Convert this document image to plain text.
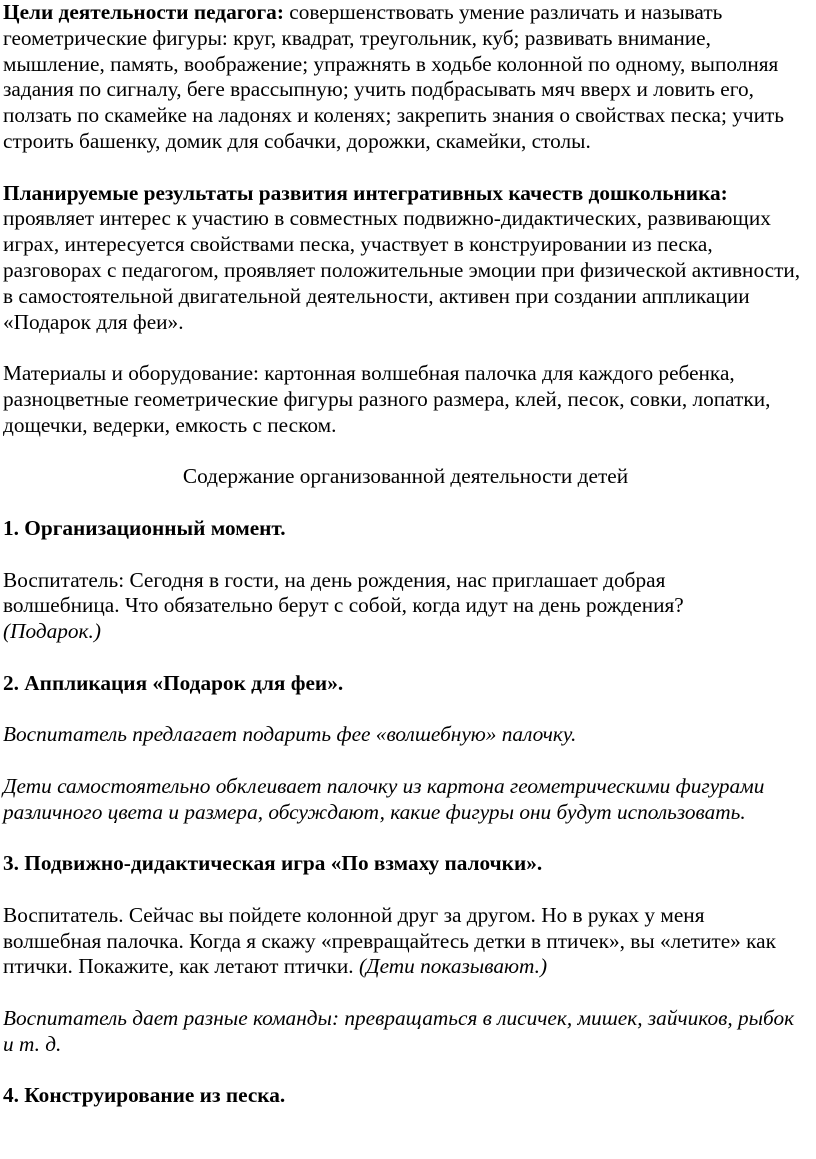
Цели деятельности педагога: совершенствовать умение различать и называть геометрические фигуры: круг, квадрат, треугольник, куб; развивать внимание, мышление, память, воображение; упражнять в ходьбе колонной по одному, выполняя задания по сигналу, беге врассыпную; учить подбрасывать мяч вверх и ловить его, ползать по скамейке на ладонях и коленях; закрепить знания о свойствах песка; учить строить башенку, домик для собачки, дорожки, скамейки, столы.

Планируемые результаты развития интегративных качеств дошкольника: проявляет интерес к участию в совместных подвижно-дидактических, развивающих играх, интересуется свойствами песка, участвует в конструировании из песка, разговорах с педагогом, проявляет положительные эмоции при физической активности, в самостоятельной двигательной деятельности, активен при создании аппликации «Подарок для феи».

Материалы и оборудование: картонная волшебная палочка для каждого ребенка, разноцветные геометрические фигуры разного размера, клей, песок, совки, лопатки, дощечки, ведерки, емкость с песком.

Содержание организованной деятельности детей

1. Организационный момент.

Воспитатель: Сегодня в гости, на день рождения, нас приглашает добрая волшебница. Что обязательно берут с собой, когда идут на день рождения? (Подарок.)

2. Аппликация «Подарок для феи».

Воспитатель предлагает подарить фее «волшебную» палочку.

Дети самостоятельно обклеивает палочку из картона геометрическими фигурами различного цвета и размера, обсуждают, какие фигуры они будут использовать.

3. Подвижно-дидактическая игра «По взмаху палочки».

Воспитатель. Сейчас вы пойдете колонной друг за другом. Но в руках у меня волшебная палочка. Когда я скажу «превращайтесь детки в птичек», вы «летите» как птички. Покажите, как летают птички. (Дети показывают.)

Воспитатель дает разные команды: превращаться в лисичек, мишек, зайчиков, рыбок и т. д.

4. Конструирование из песка.
